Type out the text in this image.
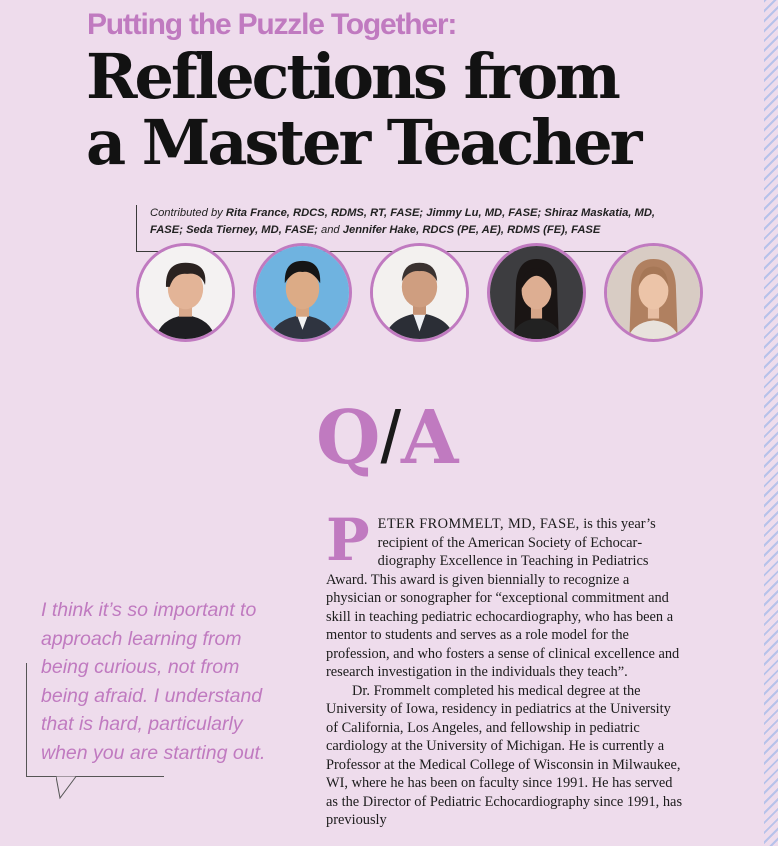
Putting the Puzzle Together:

Reflections from
a Master Teacher

Contributed by Rita France, RDCS, RDMS, RT, FASE; Jimmy Lu, MD, FASE; Shiraz Maskatia, MD, FASE; Seda Tierney, MD, FASE; and Jennifer Hake, RDCS (PE, AE), RDMS (FE), FASE

Q/A

PETER FROMMELT, MD, FASE, is this year’s recipient of the American Society of Echocardiography Excellence in Teaching in Pediatrics Award. This award is given biennially to recognize a physician or sonographer for “exceptional commitment and skill in teaching pediatric echocardiography, who has been a mentor to students and serves as a role model for the profession, and who fosters a sense of clinical excellence and research investigation in the individuals they teach”.

Dr. Frommelt completed his medical degree at the University of Iowa, residency in pediatrics at the University of California, Los Angeles, and fellowship in pediatric cardiology at the University of Michigan. He is currently a Professor at the Medical College of Wisconsin in Milwaukee, WI, where he has been on faculty since 1991. He has served as the Director of Pediatric Echocardiography since 1991, has previously

I think it’s so important to approach learning from being curious, not from being afraid. I understand that is hard, particularly when you are starting out.
